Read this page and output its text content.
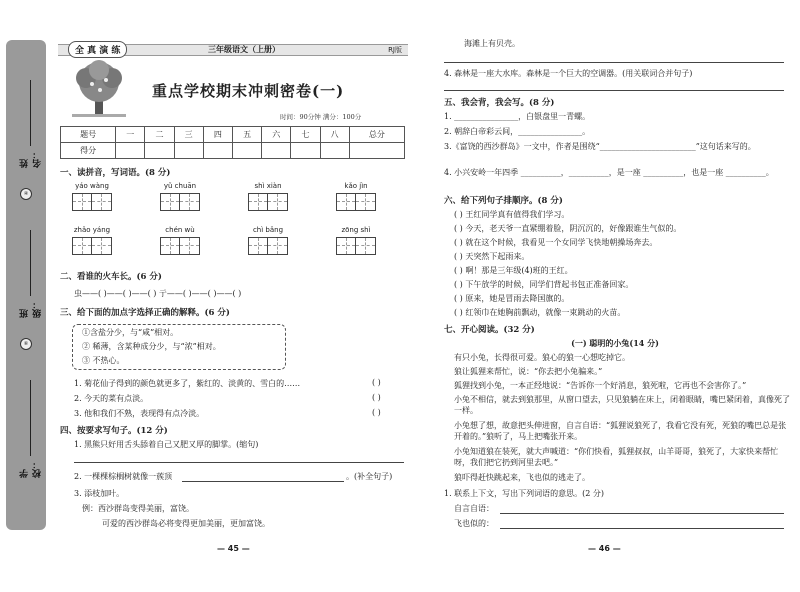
姓名：
④
班级：
⑥
学校：
全 真 演 练	三年级语文（上册）	RJ版
重点学校期末冲刺密卷(一)
时间：90分钟 满分：100分
题号	一	二	三	四	五	六	七	八	总分
得分									
一、读拼音，写词语。(8 分)
yáo wàng	yǔ chuān	shì xiàn	kǎo jìn
zhǎo yáng	chén wù	chì bǎng	zōng shì
二、看谁的火车长。(6 分)
虫——( )——( )——( ) 亍——( )——( )——( )
三、给下面的加点字选择正确的解释。(6 分)
①含盐分少，与“咸”相对。
② 稀薄，含某种成分少，与“浓”相对。
③ 不热心。
1. 菊花仙子得到的颜色就更多了，紫红的、淡黄的、雪白的……	( )
2. 今天的菜有点淡。	( )
3. 他和我们不熟，表现得有点冷淡。	( )
四、按要求写句子。(12 分)
1. 黑熊只好用舌头舔着自己又肥又厚的脚掌。(缩句)
2. 一棵棵棕榈树就像一蔟顶	。(补全句子)
3. 添枝加叶。
例：西沙群岛变得美丽，富饶。
可爱的西沙群岛必将变得更加美丽，更加富饶。
— 45 —
海滩上有贝壳。
4. 森林是一座大水库。森林是一个巨大的空调器。(用关联词合并句子)
五、我会背，我会写。(8 分)
1. ________________，白银盘里一青螺。
2. 朝辞白帝彩云间，________________。
3.《富饶的西沙群岛》一文中，作者是围绕“________________________”这句话来写的。
4. 小兴安岭一年四季 __________，__________，是一座 __________，也是一座 __________。
六、给下列句子排顺序。(8 分)
( ) 王红同学真有值得我们学习。
( ) 今天，老天爷一直紧绷着脸，阴沉沉的，好像跟谁生气似的。
( ) 就在这个时候，我看见一个女同学飞快地朝操场奔去。
( ) 天突然下起雨来。
( ) 啊！那是三年级(4)班的王红。
( ) 下午放学的时候，同学们背起书包正准备回家。
( ) 原来，她是冒雨去降国旗的。
( ) 红领巾在她胸前飘动，就像一束跳动的火苗。
七、开心阅读。(32 分)
(一) 聪明的小兔(14 分)
有只小兔，长得很可爱。狼心的狼一心想吃掉它。
狼让狐狸来帮忙，说：“你去把小兔骗来。”
狐狸找到小兔，一本正经地说：“告诉你一个好消息，狼死啦，它再也不会害你了。”
小兔不相信，就去到狼那里，从窗口望去，只见狼躺在床上，闭着眼睛，嘴巴紧闭着，真像死了一样。
小兔想了想，故意把头伸进窗，自言自语：“狐狸说狼死了，我看它没有死，死狼的嘴巴总是张开着的。”狼听了，马上把嘴张开来。
小兔知道狼在装死，就大声喊道：“你们快看，狐狸叔叔，山羊哥哥，狼死了，大家快来帮忙呀，我们把它扔到河里去吧。”
狼吓得赶快跳起来，飞也似的逃走了。
1. 联系上下文，写出下列词语的意思。(2 分)
自言自语：
飞也似的：
— 46 —
